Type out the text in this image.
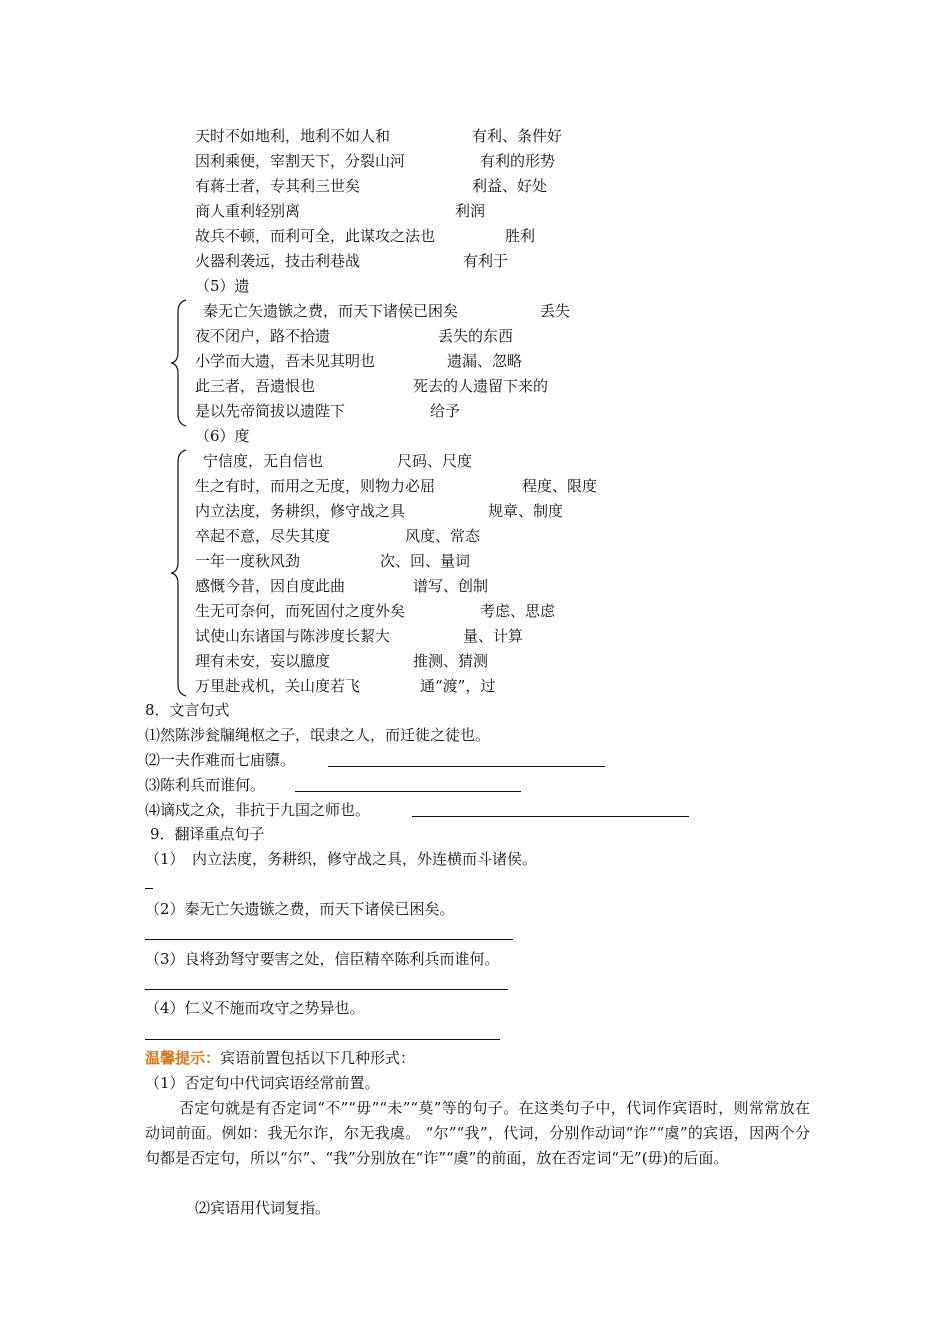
天时不如地利，地利不如人和	有利、条件好
因利乘便，宰割天下，分裂山河	有利的形势
有蒋士者，专其利三世矣	利益、好处
商人重利轻别离	利润
故兵不顿，而利可全，此谋攻之法也	胜利
火器利袭远，技击利巷战	有利于
（5）遗
秦无亡矢遗镞之费，而天下诸侯已困矣	丢失
夜不闭户，路不拾遗	丢失的东西
小学而大遗，吾未见其明也	遗漏、忽略
此三者，吾遗恨也	死去的人遗留下来的
是以先帝简拔以遗陛下	给予
（6）度
宁信度，无自信也	尺码、尺度
生之有时，而用之无度，则物力必屈	程度、限度
内立法度，务耕织，修守战之具	规章、制度
卒起不意，尽失其度	风度、常态
一年一度秋风劲	次、回、量词
感慨今昔，因自度此曲	谱写、创制
生无可奈何，而死固付之度外矣	考虑、思虑
试使山东诸国与陈涉度长絜大	量、计算
理有未安，妄以臆度	推测、猜测
万里赴戎机，关山度若飞	通“渡”，过
8．文言句式
⑴然陈涉瓮牖绳枢之子，氓隶之人，而迁徙之徒也。
⑵一夫作难而七庙隳。
⑶陈利兵而谁何。
⑷谪戍之众，非抗于九国之师也。
9．翻译重点句子
（1）　内立法度，务耕织，修守战之具，外连横而斗诸侯。
（2）秦无亡矢遗镞之费，而天下诸侯已困矣。
（3）良将劲弩守要害之处，信臣精卒陈利兵而谁何。
（4）仁义不施而攻守之势异也。
温馨提示：宾语前置包括以下几种形式：
（1）否定句中代词宾语经常前置。
否定句就是有否定词“不”“毋”“未”“莫”等的句子。在这类句子中，代词作宾语时，则常常放在动词前面。例如：我无尔诈，尔无我虞。 “尔”“我”，代词，分别作动词“诈”“虞”的宾语，因两个分句都是否定句，所以“尔”、“我”分别放在“诈”“虞”的前面，放在否定词“无”(毋)的后面。
⑵宾语用代词复指。
